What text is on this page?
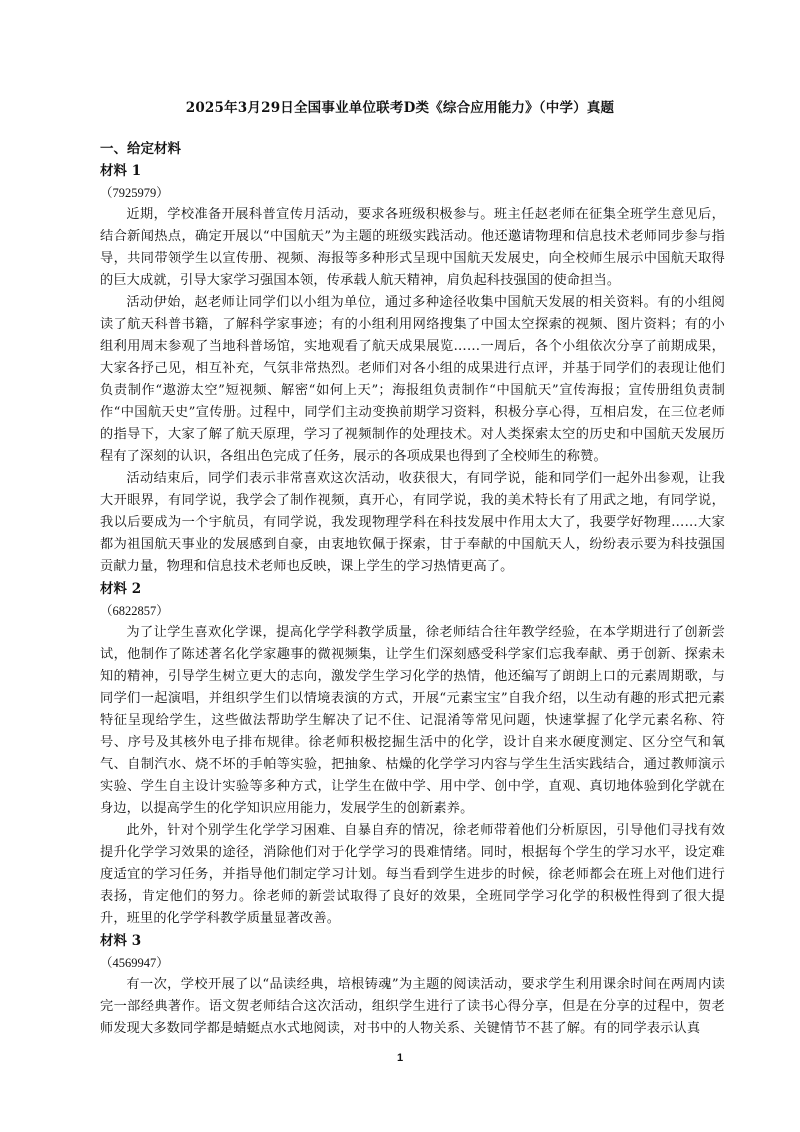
2025年3月29日全国事业单位联考D类《综合应用能力》（中学）真题
一、给定材料
材料 1
（7925979）

近期，学校准备开展科普宣传月活动，要求各班级积极参与。班主任赵老师在征集全班学生意见后，结合新闻热点，确定开展以“中国航天”为主题的班级实践活动。他还邀请物理和信息技术老师同步参与指导，共同带领学生以宣传册、视频、海报等多种形式呈现中国航天发展史，向全校师生展示中国航天取得的巨大成就，引导大家学习强国本领，传承载人航天精神，肩负起科技强国的使命担当。

活动伊始，赵老师让同学们以小组为单位，通过多种途径收集中国航天发展的相关资料。有的小组阅读了航天科普书籍，了解科学家事迹；有的小组利用网络搜集了中国太空探索的视频、图片资料；有的小组利用周末参观了当地科普场馆，实地观看了航天成果展览……一周后，各个小组依次分享了前期成果，大家各抒己见，相互补充，气氛非常热烈。老师们对各小组的成果进行点评，并基于同学们的表现让他们负责制作“遨游太空”短视频、解密“如何上天”；海报组负责制作“中国航天”宣传海报；宣传册组负责制作“中国航天史”宣传册。过程中，同学们主动变换前期学习资料，积极分享心得，互相启发，在三位老师的指导下，大家了解了航天原理，学习了视频制作的处理技术。对人类探索太空的历史和中国航天发展历程有了深刻的认识，各组出色完成了任务，展示的各项成果也得到了全校师生的称赞。

活动结束后，同学们表示非常喜欢这次活动，收获很大，有同学说，能和同学们一起外出参观，让我大开眼界，有同学说，我学会了制作视频，真开心，有同学说，我的美术特长有了用武之地，有同学说，我以后要成为一个宇航员，有同学说，我发现物理学科在科技发展中作用太大了，我要学好物理……大家都为祖国航天事业的发展感到自豪，由衷地钦佩于探索，甘于奉献的中国航天人，纷纷表示要为科技强国贡献力量，物理和信息技术老师也反映，课上学生的学习热情更高了。

材料 2
（6822857）

为了让学生喜欢化学课，提高化学学科教学质量，徐老师结合往年教学经验，在本学期进行了创新尝试，他制作了陈述著名化学家趣事的微视频集，让学生们深刻感受科学家们忘我奉献、勇于创新、探索未知的精神，引导学生树立更大的志向，激发学生学习化学的热情，他还编写了朗朗上口的元素周期歌，与同学们一起演唱，并组织学生们以情境表演的方式，开展“元素宝宝”自我介绍，以生动有趣的形式把元素特征呈现给学生，这些做法帮助学生解决了记不住、记混淆等常见问题，快速掌握了化学元素名称、符号、序号及其核外电子排布规律。徐老师积极挖掘生活中的化学，设计自来水硬度测定、区分空气和氧气、自制汽水、烧不坏的手帕等实验，把抽象、枯燥的化学学习内容与学生生活实践结合，通过教师演示实验、学生自主设计实验等多种方式，让学生在做中学、用中学、创中学，直观、真切地体验到化学就在身边，以提高学生的化学知识应用能力，发展学生的创新素养。

此外，针对个别学生化学学习困难、自暴自弃的情况，徐老师带着他们分析原因，引导他们寻找有效提升化学学习效果的途径，消除他们对于化学学习的畏难情绪。同时，根据每个学生的学习水平，设定难度适宜的学习任务，并指导他们制定学习计划。每当看到学生进步的时候，徐老师都会在班上对他们进行表扬，肯定他们的努力。徐老师的新尝试取得了良好的效果，全班同学学习化学的积极性得到了很大提升，班里的化学学科教学质量显著改善。

材料 3
（4569947）

有一次，学校开展了以“品读经典，培根铸魂”为主题的阅读活动，要求学生利用课余时间在两周内读完一部经典著作。语文贺老师结合这次活动，组织学生进行了读书心得分享，但是在分享的过程中，贺老师发现大多数同学都是蜻蜓点水式地阅读，对书中的人物关系、关键情节不甚了解。有的同学表示认真

1
